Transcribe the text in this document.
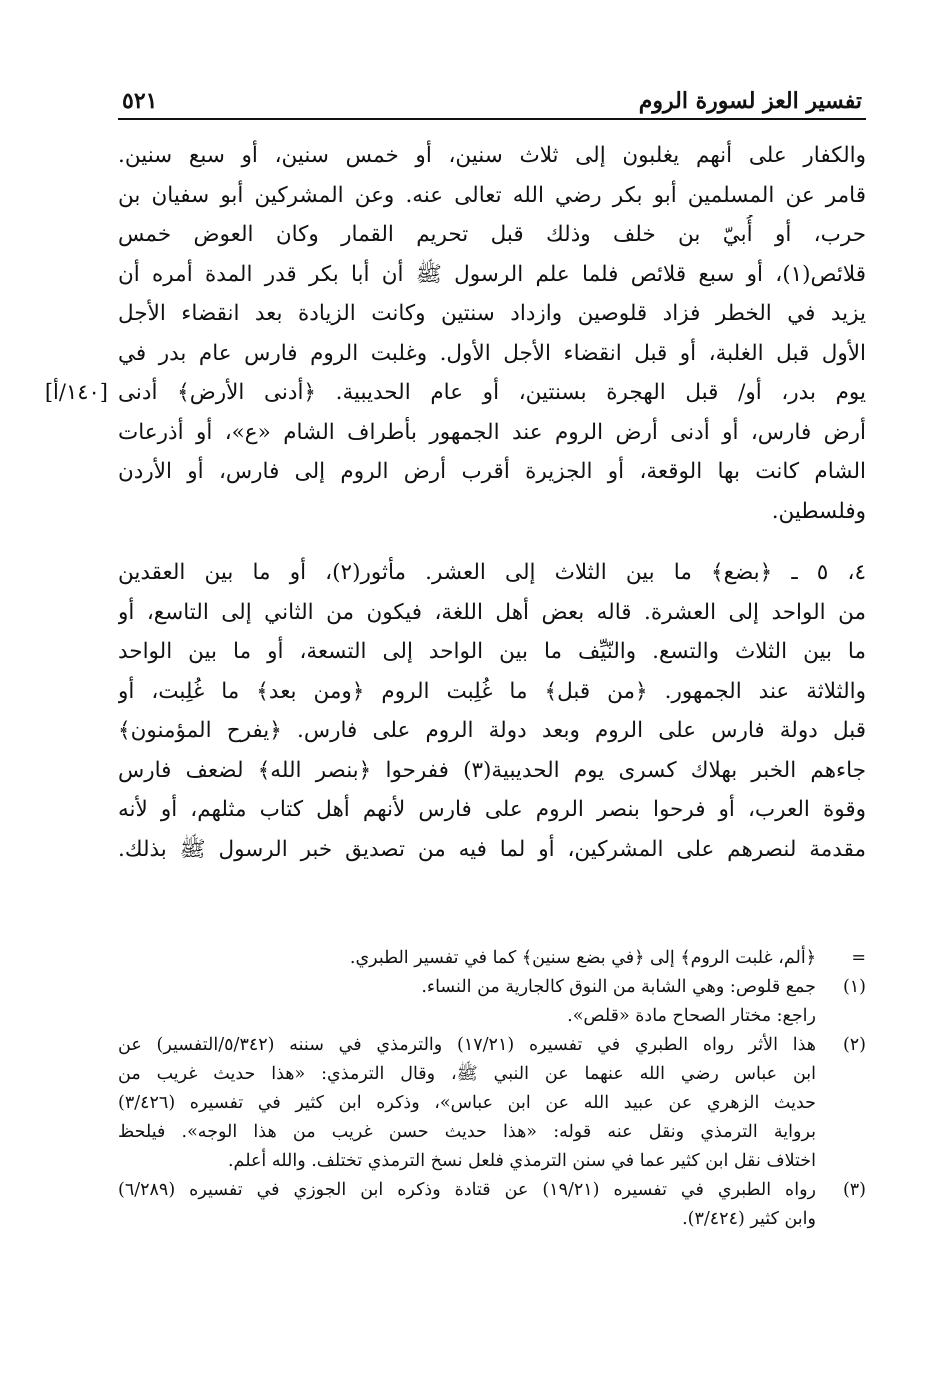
تفسير العز لسورة الروم
٥٢١
والكفار على أنهم يغلبون إلى ثلاث سنين، أو خمس سنين، أو سبع سنين.
قامر عن المسلمين أبو بكر رضي الله تعالى عنه. وعن المشركين أبو سفيان بن
حرب، أو أُبيّ بن خلف وذلك قبل تحريم القمار وكان العوض خمس
قلائص(١)، أو سبع قلائص فلما علم الرسول ﷺ أن أبا بكر قدر المدة أمره أن
يزيد في الخطر فزاد قلوصين وازداد سنتين وكانت الزيادة بعد انقضاء الأجل
الأول قبل الغلبة، أو قبل انقضاء الأجل الأول. وغلبت الروم فارس عام بدر في
يوم بدر، أو/ قبل الهجرة بسنتين، أو عام الحديبية. ﴿أدنى الأرض﴾ أدنى
[١٤٠/أ]
أرض فارس، أو أدنى أرض الروم عند الجمهور بأطراف الشام «ع»، أو أذرعات
الشام كانت بها الوقعة، أو الجزيرة أقرب أرض الروم إلى فارس، أو الأردن
وفلسطين.
٤، ٥ ـ ﴿بضع﴾ ما بين الثلاث إلى العشر. مأثور(٢)، أو ما بين العقدين
من الواحد إلى العشرة. قاله بعض أهل اللغة، فيكون من الثاني إلى التاسع، أو
ما بين الثلاث والتسع. والنّيِّف ما بين الواحد إلى التسعة، أو ما بين الواحد
والثلاثة عند الجمهور. ﴿من قبل﴾ ما غُلِبت الروم ﴿ومن بعد﴾ ما غُلِبت، أو
قبل دولة فارس على الروم وبعد دولة الروم على فارس. ﴿يفرح المؤمنون﴾
جاءهم الخبر بهلاك كسرى يوم الحديبية(٣) ففرحوا ﴿بنصر الله﴾ لضعف فارس
وقوة العرب، أو فرحوا بنصر الروم على فارس لأنهم أهل كتاب مثلهم، أو لأنه
مقدمة لنصرهم على المشركين، أو لما فيه من تصديق خبر الرسول ﷺ بذلك.
=
﴿ألم، غلبت الروم﴾ إلى ﴿في بضع سنين﴾ كما في تفسير الطبري.
(١)
جمع قلوص: وهي الشابة من النوق كالجارية من النساء.
راجع: مختار الصحاح مادة «قلص».
(٢)
هذا الأثر رواه الطبري في تفسيره (١٧/٢١) والترمذي في سننه (٥/٣٤٢/التفسير) عن
ابن عباس رضي الله عنهما عن النبي ﷺ، وقال الترمذي: «هذا حديث غريب من
حديث الزهري عن عبيد الله عن ابن عباس»، وذكره ابن كثير في تفسيره (٣/٤٢٦)
برواية الترمذي ونقل عنه قوله: «هذا حديث حسن غريب من هذا الوجه». فيلحظ
اختلاف نقل ابن كثير عما في سنن الترمذي فلعل نسخ الترمذي تختلف. والله أعلم.
(٣)
رواه الطبري في تفسيره (١٩/٢١) عن قتادة وذكره ابن الجوزي في تفسيره (٦/٢٨٩)
وابن كثير (٣/٤٢٤).
